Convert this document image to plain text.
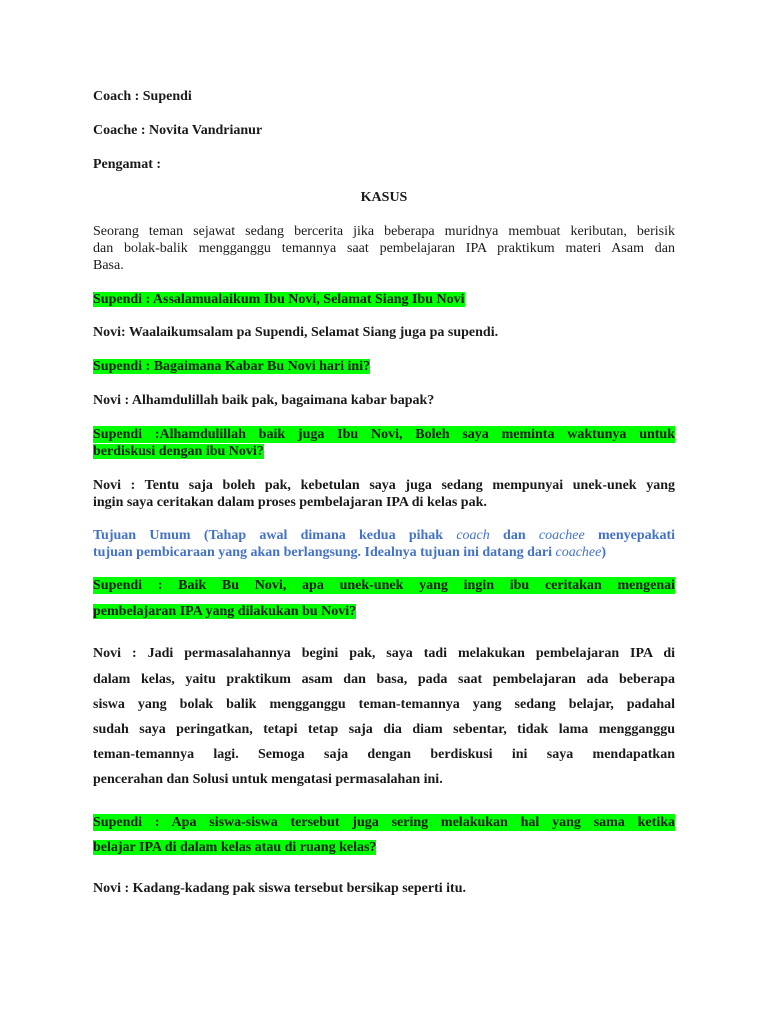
Coach : Supendi
Coache : Novita Vandrianur
Pengamat :
KASUS
Seorang teman sejawat sedang bercerita jika beberapa muridnya membuat keributan, berisik
dan bolak-balik mengganggu temannya saat pembelajaran IPA praktikum materi Asam dan
Basa.
Supendi : Assalamualaikum Ibu Novi, Selamat Siang Ibu Novi
Novi: Waalaikumsalam pa Supendi, Selamat Siang juga pa supendi.
Supendi : Bagaimana Kabar Bu Novi hari ini?
Novi : Alhamdulillah baik pak, bagaimana kabar bapak?
Supendi :Alhamdulillah baik juga Ibu Novi, Boleh saya meminta waktunya untuk
berdiskusi dengan ibu Novi?
Novi : Tentu saja boleh pak, kebetulan saya juga sedang mempunyai unek-unek yang
ingin saya ceritakan dalam proses pembelajaran IPA di kelas pak.
Tujuan Umum (Tahap awal dimana kedua pihak coach dan coachee menyepakati
tujuan pembicaraan yang akan berlangsung. Idealnya tujuan ini datang dari coachee)
Supendi : Baik Bu Novi, apa unek-unek yang ingin ibu ceritakan mengenai
pembelajaran IPA yang dilakukan bu Novi?
Novi : Jadi permasalahannya begini pak, saya tadi melakukan pembelajaran IPA di
dalam kelas, yaitu praktikum asam dan basa, pada saat pembelajaran ada beberapa
siswa yang bolak balik mengganggu teman-temannya yang sedang belajar, padahal
sudah saya peringatkan, tetapi tetap saja dia diam sebentar, tidak lama mengganggu
teman-temannya lagi. Semoga saja dengan berdiskusi ini saya mendapatkan
pencerahan dan Solusi untuk mengatasi permasalahan ini.
Supendi : Apa siswa-siswa tersebut juga sering melakukan hal yang sama ketika
belajar IPA di dalam kelas atau di ruang kelas?
Novi : Kadang-kadang pak siswa tersebut bersikap seperti itu.
